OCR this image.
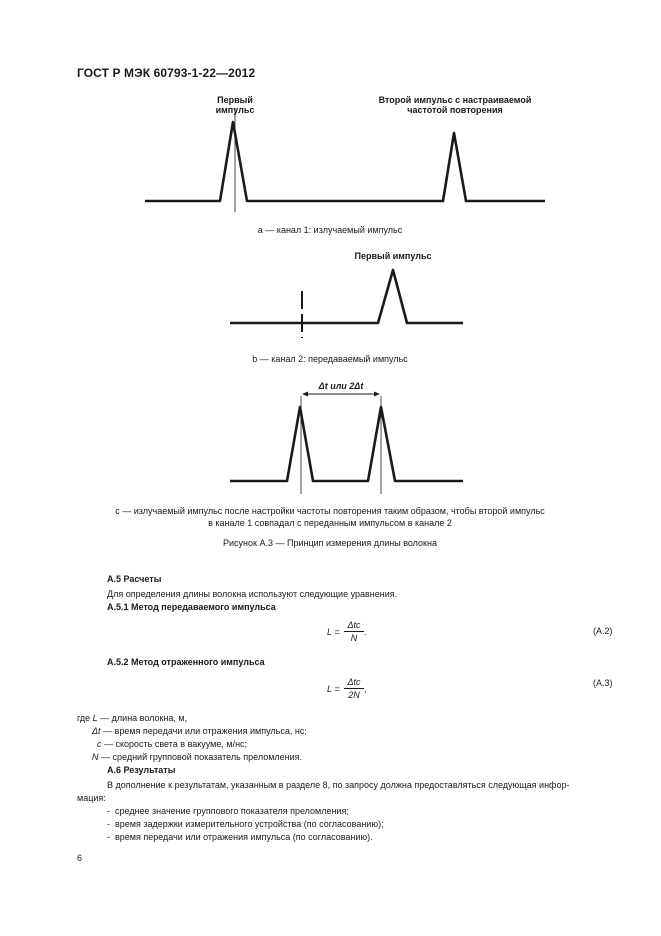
ГОСТ Р МЭК 60793-1-22—2012
Первый
импульс
Второй импульс с настраиваемой
частотой повторения
a — канал 1: излучаемый импульс
Первый импульс
b — канал 2: передаваемый импульс
Δt или 2Δt
c — излучаемый импульс после настройки частоты повторения таким образом, чтобы второй импульс
в канале 1 совпадал с переданным импульсом в канале 2
Рисунок А.3 — Принцип измерения длины волокна
А.5 Расчеты
Для определения длины волокна используют следующие уравнения.
А.5.1 Метод передаваемого импульса
L =
Δtc
N
.	(А.2)
А.5.2 Метод отраженного импульса
L =
Δtc
2N
,
(А.3)
где L — длина волокна, м,
Δt — время передачи или отражения импульса, нс;
c — скорость света в вакууме, м/нс;
N — средний групповой показатель преломления.
А.6 Результаты
В дополнение к результатам, указанным в разделе 8, по запросу должна предоставляться следующая инфор-
мация:
-  среднее значение группового показателя преломления;
-  время задержки измерительного устройства (по согласованию);
-  время передачи или отражения импульса (по согласованию).
6
